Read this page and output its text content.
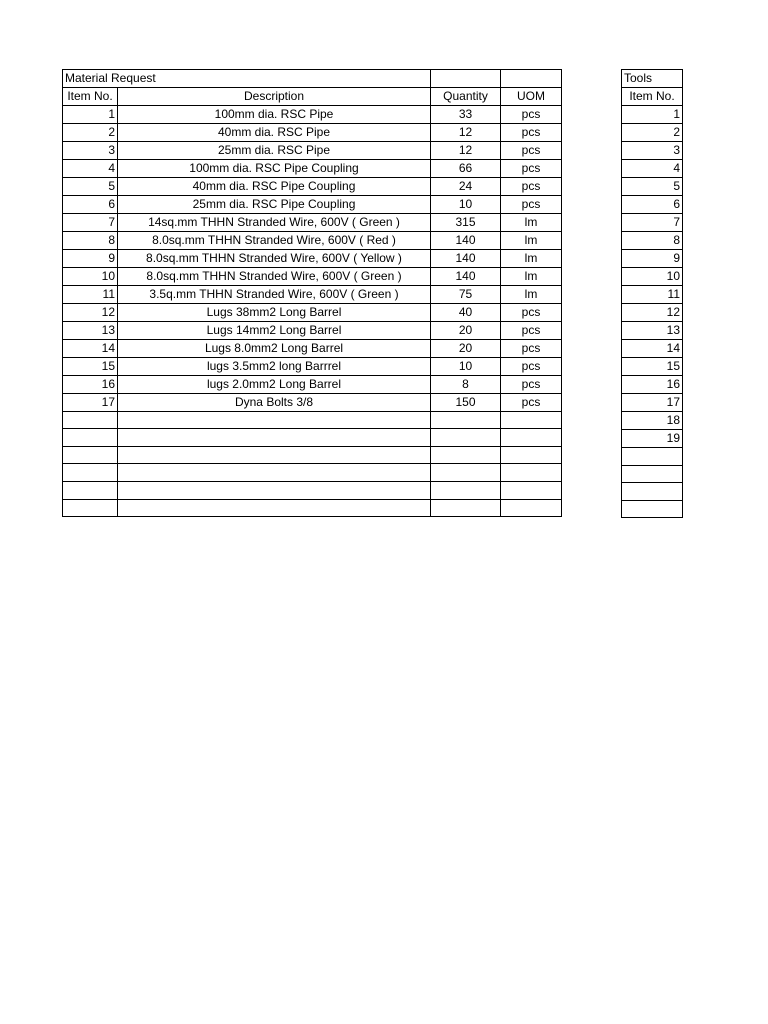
Material Request			

Item No.	Description	Quantity	UOM
1	100mm dia. RSC Pipe	33	pcs
2	40mm dia. RSC Pipe	12	pcs
3	25mm dia. RSC Pipe	12	pcs
4	100mm dia. RSC Pipe Coupling	66	pcs
5	40mm dia. RSC Pipe Coupling	24	pcs
6	25mm dia. RSC Pipe Coupling	10	pcs
7	14sq.mm THHN Stranded Wire, 600V ( Green )	315	lm
8	8.0sq.mm THHN Stranded Wire, 600V ( Red )	140	lm
9	8.0sq.mm THHN Stranded Wire, 600V ( Yellow )	140	lm
10	8.0sq.mm THHN Stranded Wire, 600V ( Green )	140	lm
11	3.5q.mm THHN Stranded Wire, 600V ( Green )	75	lm
12	Lugs 38mm2 Long Barrel	40	pcs
13	Lugs 14mm2 Long Barrel	20	pcs
14	Lugs 8.0mm2 Long Barrel	20	pcs
15	lugs 3.5mm2 long Barrrel	10	pcs
16	lugs 2.0mm2 Long Barrel	8	pcs
17	Dyna Bolts 3/8	150	pcs

Tools
Item No.
1
2
3
4
5
6
7
8
9
10
11
12
13
14
15
16
17
18
19
